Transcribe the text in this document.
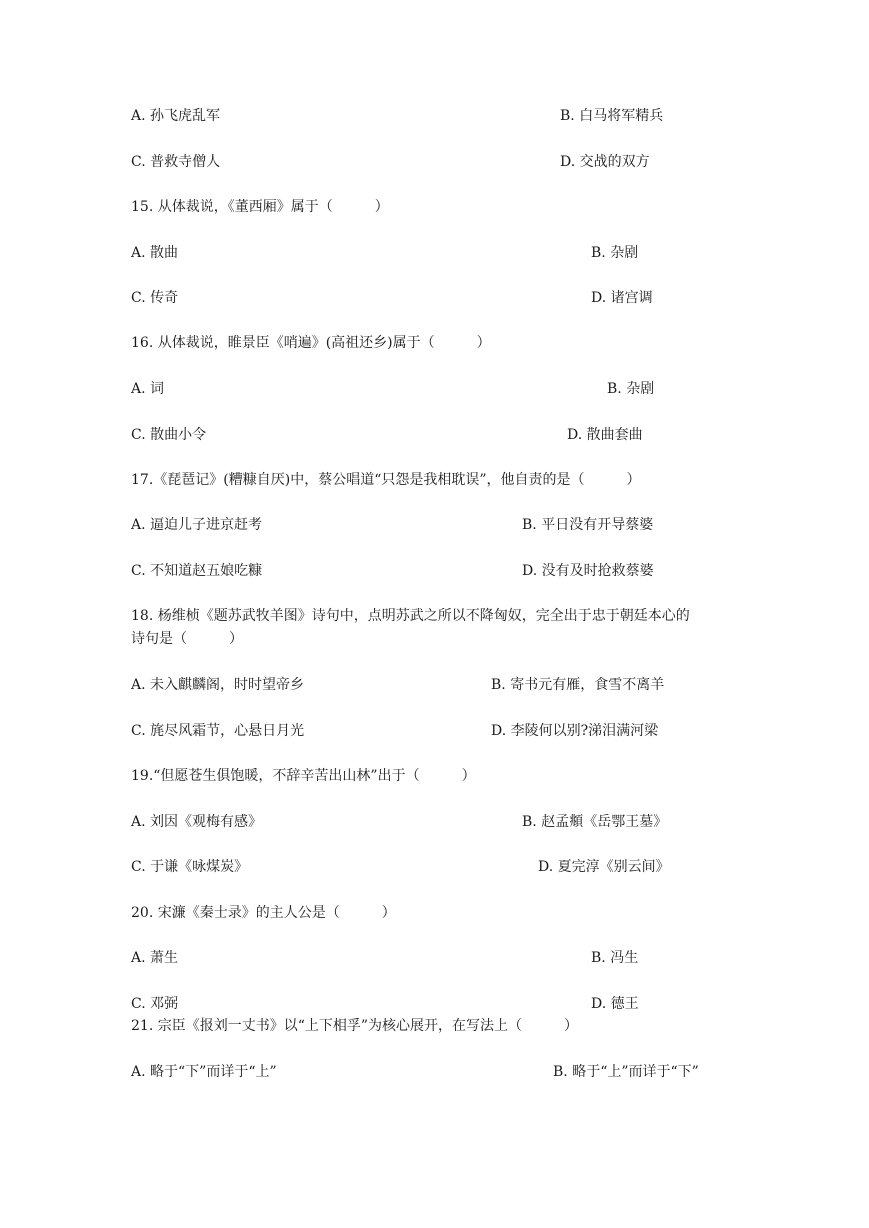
A. 孙飞虎乱军	B. 白马将军精兵
C. 普救寺僧人	D. 交战的双方
15. 从体裁说，《董西厢》属于（　　　）
A. 散曲	B. 杂剧
C. 传奇	D. 诸宫调
16. 从体裁说，睢景臣《哨遍》(高祖还乡)属于（　　　）
A. 词	B. 杂剧
C. 散曲小令	D. 散曲套曲
17.《琵琶记》(糟糠自厌)中，蔡公唱道“只怨是我相耽误”，他自责的是（　　　）
A. 逼迫儿子进京赶考	B. 平日没有开导蔡婆
C. 不知道赵五娘吃糠	D. 没有及时抢救蔡婆
18. 杨维桢《题苏武牧羊图》诗句中，点明苏武之所以不降匈奴，完全出于忠于朝廷本心的
诗句是（　　　）
A. 未入麒麟阁，时时望帝乡	B. 寄书元有雁，食雪不离羊
C. 旄尽风霜节，心悬日月光	D. 李陵何以别?涕泪满河梁
19.“但愿苍生俱饱暖，不辞辛苦出山林”出于（　　　）
A. 刘因《观梅有感》	B. 赵孟頫《岳鄂王墓》
C. 于谦《咏煤炭》	D. 夏完淳《别云间》
20. 宋濂《秦士录》的主人公是（　　　）
A. 萧生	B. 冯生
C. 邓弼	D. 德王
21. 宗臣《报刘一丈书》以“上下相孚”为核心展开，在写法上（　　　）
A. 略于“下”而详于“上”	B. 略于“上”而详于“下”
